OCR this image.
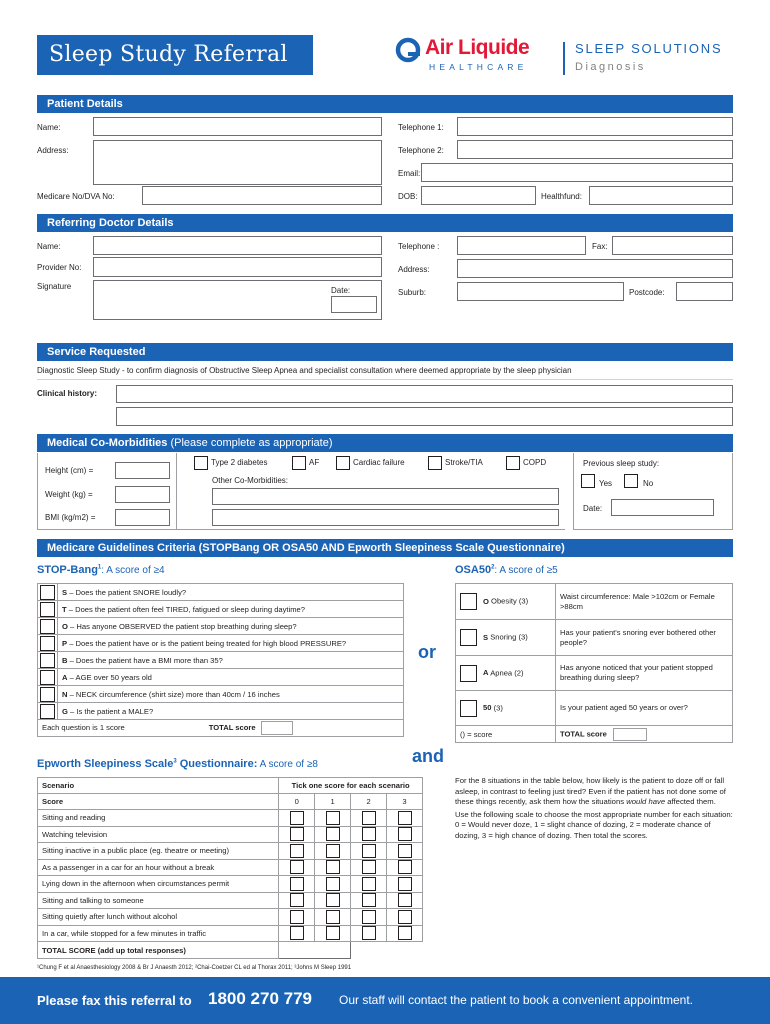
Sleep Study Referral	Air Liquide
HEALTHCARE
SLEEP SOLUTIONS
Diagnosis
Patient Details
Name:
Address:
Medicare No/DVA No:
Telephone 1:
Telephone 2:
Email:
DOB:	Healthfund:
Referring Doctor Details
Name:
Provider No:
Signature	Date:
Telephone :	Fax:
Address:
Suburb:	Postcode:
Service Requested
Diagnostic Sleep Study - to confirm diagnosis of Obstructive Sleep Apnea and specialist consultation where deemed appropriate by the sleep physician
Clinical history:
Medical Co-Morbidities (Please complete as appropriate)
Height (cm) =
Weight (kg) =
BMI (kg/m2) =
Type 2 diabetes	AF	Cardiac failure	Stroke/TIA	COPD
Other Co-Morbidities:
Previous sleep study:
Yes	No
Date:
Medicare Guidelines Criteria (STOPBang OR OSA50 AND Epworth Sleepiness Scale Questionnaire)
STOP-Bang$^1$: A score of ≥4
	S – Does the patient SNORE loudly?

	T – Does the patient often feel TIRED, fatigued or sleep during daytime?

	O – Has anyone OBSERVED the patient stop breathing during sleep?

	P – Does the patient have or is the patient being treated for high blood PRESSURE?

	B – Does the patient have a BMI more than 35?

	A – AGE over 50 years old

	N – NECK circumference (shirt size) more than 40cm / 16 inches

	G – Is the patient a MALE?
Each question is 1 score TOTAL score	
or
$OSA50^2$: A score of ≥5
O Obesity (3)	Waist circumference: Male >102cm or Female >88cm
S Snoring (3)	Has your patient's snoring ever bothered other people?
A Apnea (2)	Has anyone noticed that your patient stopped breathing during sleep?
50 (3)	Is your patient aged 50 years or over?
() = score	TOTAL score
and
Epworth Sleepiness Scale$^3$ Questionnaire: A score of ≥8
Scenario	Tick one score for each scenario			
Score	0	1	2	3
Sitting and reading				
Watching television				
Sitting inactive in a public place (eg. theatre or meeting)				
As a passenger in a car for an hour without a break				
Lying down in the afternoon when circumstances permit				
Sitting and talking to someone				
Sitting quietly after lunch without alcohol				
In a car, while stopped for a few minutes in traffic				
TOTAL SCORE (add up total responses)				

For the 8 situations in the table below, how likely is the patient to doze off or fall asleep, in contrast to feeling just tired? Even if the patient has not done some of these things recently, ask them how the situations would have affected them.

Use the following scale to choose the most appropriate number for each situation:

0 = Would never doze, 1 = slight chance of dozing, 2 = moderate chance of dozing, 3 = high chance of dozing. Then total the scores.

¹Chung F et al Anaesthesiology 2008 & Br J Anaesth 2012; ²Chai-Coetzer CL ed al Thorax 2011; ³Johns M Sleep 1991
Please fax this referral to 1800 270 779 Our staff will contact the patient to book a convenient appointment.
